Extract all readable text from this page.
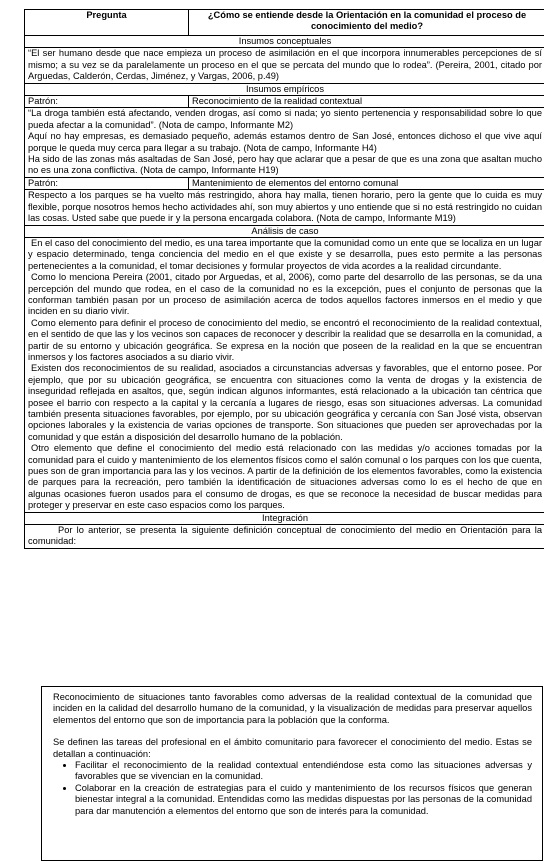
Pregunta	¿Cómo se entiende desde la Orientación en la comunidad el proceso de conocimiento del medio?
Insumos conceptuales	
“El ser humano desde que nace empieza un proceso de asimilación en el que incorpora innumerables percepciones de sí mismo; a su vez se da paralelamente un proceso en el que se percata del mundo que lo rodea”. (Pereira, 2001, citado por Arguedas, Calderón, Cerdas, Jiménez, y Vargas, 2006, p.49)	
Insumos empíricos	
Patrón:	Reconocimiento de la realidad contextual

“La droga también está afectando, venden drogas, así como si nada; yo siento pertenencia y responsabilidad sobre lo que pueda afectar a la comunidad”. (Nota de campo, Informante M2)

Aquí no hay empresas, es demasiado pequeño, además estamos dentro de San José, entonces dichoso el que vive aquí porque le queda muy cerca para llegar a su trabajo. (Nota de campo, Informante H4)

Ha sido de las zonas más asaltadas de San José, pero hay que aclarar que a pesar de que es una zona que asaltan mucho no es una zona conflictiva. (Nota de campo, Informante H19)	

Patrón:	Mantenimiento de elementos del entorno comunal
Respecto a los parques se ha vuelto más restringido, ahora hay malla, tienen horario, pero la gente que lo cuida es muy flexible, porque nosotros hemos hecho actividades ahí, son muy abiertos y uno entiende que si no está restringido no cuidan las cosas. Usted sabe que puede ir y la persona encargada colabora. (Nota de campo, Informante M19)	
Análisis de caso	

En el caso del conocimiento del medio, es una tarea importante que la comunidad como un ente que se localiza en un lugar y espacio determinado, tenga conciencia del medio en el que existe y se desarrolla, pues esto permite a las personas pertenecientes a la comunidad, el tomar decisiones y formular proyectos de vida acordes a la realidad circundante.

Como lo menciona Pereira (2001, citado por Arguedas, et al, 2006), como parte del desarrollo de las personas, se da una percepción del mundo que rodea, en el caso de la comunidad no es la excepción, pues el conjunto de personas que la conforman también pasan por un proceso de asimilación acerca de todos aquellos factores inmersos en el medio y que inciden en su diario vivir.

Como elemento para definir el proceso de conocimiento del medio, se encontró el reconocimiento de la realidad contextual, en el sentido de que las y los vecinos son capaces de reconocer y describir la realidad que se desarrolla en la comunidad, a partir de su entorno y ubicación geográfica. Se expresa en la noción que poseen de la realidad en la que se encuentran inmersos y los factores asociados a su diario vivir.

Existen dos reconocimientos de su realidad, asociados a circunstancias adversas y favorables, que el entorno posee. Por ejemplo, que por su ubicación geográfica, se encuentra con situaciones como la venta de drogas y la existencia de inseguridad reflejada en asaltos, que, según indican algunos informantes, está relacionado a la ubicación tan céntrica que posee el barrio con respecto a la capital y la cercanía a lugares de riesgo, esas son situaciones adversas. La comunidad también presenta situaciones favorables, por ejemplo, por su ubicación geográfica y cercanía con San José vista, observan opciones laborales y la existencia de varias opciones de transporte. Son situaciones que pueden ser aprovechadas por la comunidad y que están a disposición del desarrollo humano de la población.

Otro elemento que define el conocimiento del medio está relacionado con las medidas y/o acciones tomadas por la comunidad para el cuido y mantenimiento de los elementos físicos como el salón comunal o los parques con los que cuenta, pues son de gran importancia para las y los vecinos. A partir de la definición de los elementos favorables, como la existencia de parques para la recreación, pero también la identificación de situaciones adversas como lo es el hecho de que en algunas ocasiones fueron usados para el consumo de drogas, es que se reconoce la necesidad de buscar medidas para proteger y preservar en este caso espacios como los parques.	

Integración	
Por lo anterior, se presenta la siguiente definición conceptual de conocimiento del medio en Orientación para la comunidad:	

Reconocimiento de situaciones tanto favorables como adversas de la realidad contextual de la comunidad que inciden en la calidad del desarrollo humano de la comunidad, y la visualización de medidas para preservar aquellos elementos del entorno que son de importancia para la población que la conforma.

Se definen las tareas del profesional en el ámbito comunitario para favorecer el conocimiento del medio. Estas se detallan a continuación:

• Facilitar el reconocimiento de la realidad contextual entendiéndose esta como las situaciones adversas y favorables que se vivencian en la comunidad.
• Colaborar en la creación de estrategias para el cuido y mantenimiento de los recursos físicos que generan bienestar integral a la comunidad. Entendidas como las medidas dispuestas por las personas de la comunidad para dar manutención a elementos del entorno que son de interés para la comunidad.
